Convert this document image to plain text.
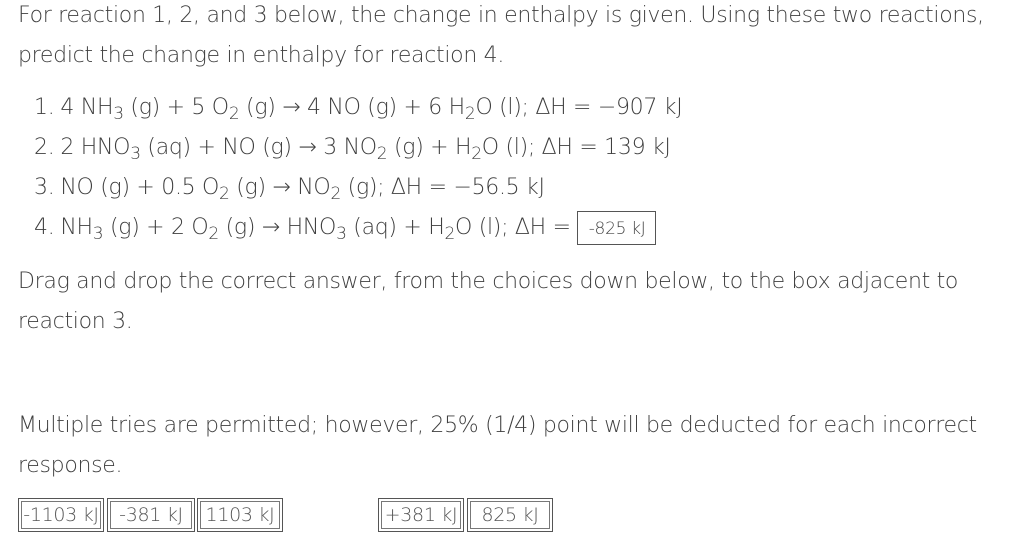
For reaction 1, 2, and 3 below, the change in enthalpy is given. Using these two reactions,
predict the change in enthalpy for reaction 4.
1. 4 $NH_3$ (g) + 5 $O_2$ (g) → 4 NO (g) + 6 $H_2O$ (l); ΔH = −907 kJ
2. 2 $HNO_3$ (aq) + NO (g) → 3 $NO_2$ $(g) + H_2O$ (l); ΔH = 139 kJ
3. NO (g) + 0.5 $O_2$ $(g) \to NO_2$ (g); ΔH = −56.5 kJ
4. $NH_3$ (g) + 2 $O_2$ $(g) \to HNO_3$ $(aq) + H_2O$ (l); ΔH =	-825 kJ
Drag and drop the correct answer, from the choices down below, to the box adjacent to
reaction 3.
Multiple tries are permitted; however, 25% (1/4) point will be deducted for each incorrect
response.
-1103 kJ	-381 kJ	1103 kJ	+381 kJ	825 kJ
